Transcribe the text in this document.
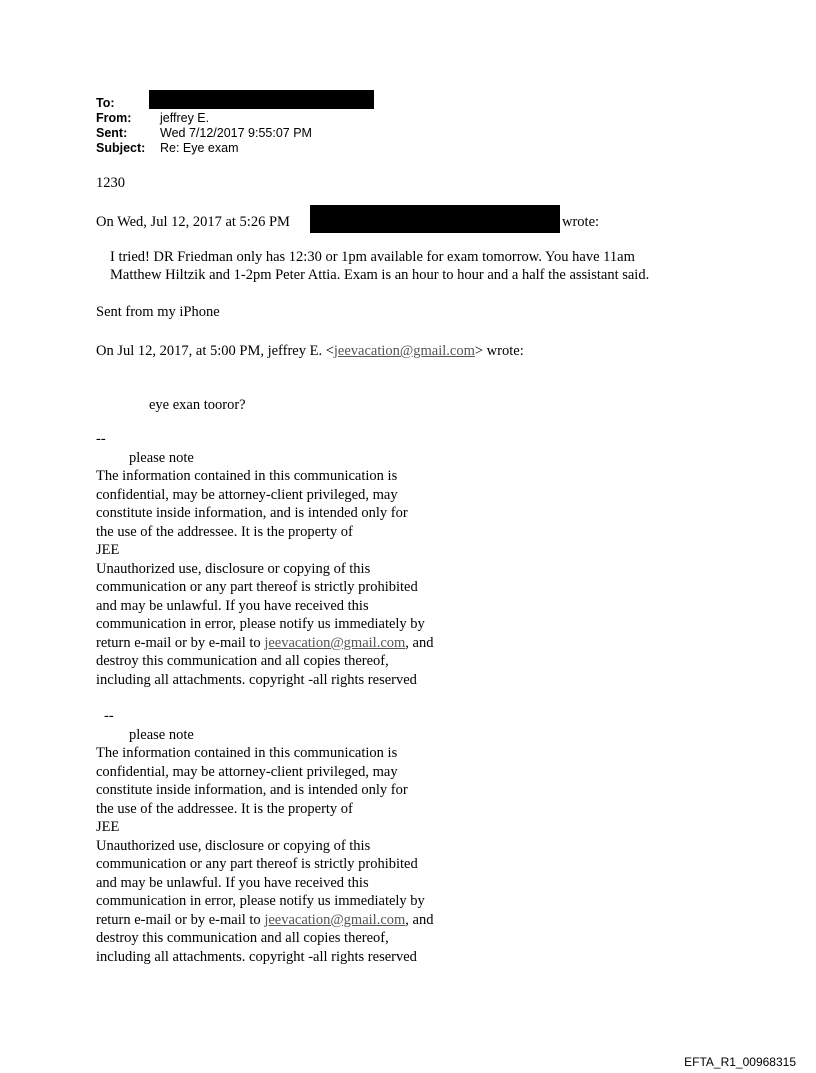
To:
From:	jeffrey E.
Sent:	Wed 7/12/2017 9:55:07 PM
Subject:	Re: Eye exam
1230
On Wed, Jul 12, 2017 at 5:26 PM	wrote:
I tried! DR Friedman only has 12:30 or 1pm available for exam tomorrow. You have 11am
Matthew Hiltzik and 1-2pm Peter Attia. Exam is an hour to hour and a half the assistant said.
Sent from my iPhone
On Jul 12, 2017, at 5:00 PM, jeffrey E. <jeevacation@gmail.com> wrote:
eye exan tooror?
--
please note
The information contained in this communication is
confidential, may be attorney-client privileged, may
constitute inside information, and is intended only for
the use of the addressee. It is the property of
JEE
Unauthorized use, disclosure or copying of this
communication or any part thereof is strictly prohibited
and may be unlawful. If you have received this
communication in error, please notify us immediately by
return e-mail or by e-mail to jeevacation@gmail.com, and
destroy this communication and all copies thereof,
including all attachments. copyright -all rights reserved
--
please note
The information contained in this communication is
confidential, may be attorney-client privileged, may
constitute inside information, and is intended only for
the use of the addressee. It is the property of
JEE
Unauthorized use, disclosure or copying of this
communication or any part thereof is strictly prohibited
and may be unlawful. If you have received this
communication in error, please notify us immediately by
return e-mail or by e-mail to jeevacation@gmail.com, and
destroy this communication and all copies thereof,
including all attachments. copyright -all rights reserved
EFTA_R1_00968315
